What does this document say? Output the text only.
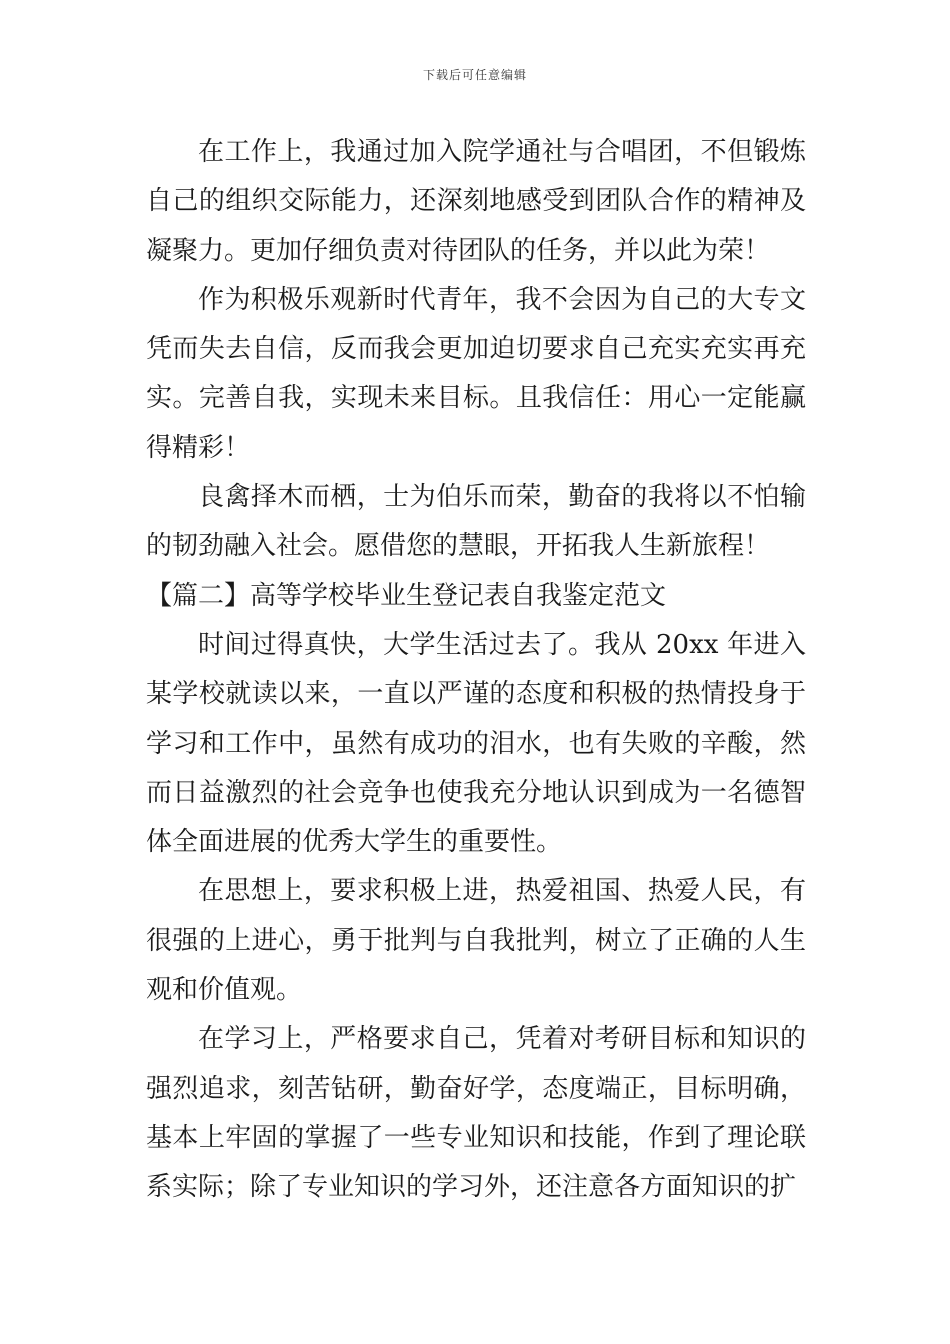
下载后可任意编辑

在工作上，我通过加入院学通社与合唱团，不但锻炼自己的组织交际能力，还深刻地感受到团队合作的精神及凝聚力。更加仔细负责对待团队的任务，并以此为荣！

作为积极乐观新时代青年，我不会因为自己的大专文凭而失去自信，反而我会更加迫切要求自己充实充实再充实。完善自我，实现未来目标。且我信任：用心一定能赢得精彩！

良禽择木而栖，士为伯乐而荣，勤奋的我将以不怕输的韧劲融入社会。愿借您的慧眼，开拓我人生新旅程！

【篇二】高等学校毕业生登记表自我鉴定范文

时间过得真快，大学生活过去了。我从 20xx 年进入某学校就读以来，一直以严谨的态度和积极的热情投身于学习和工作中，虽然有成功的泪水，也有失败的辛酸，然而日益激烈的社会竞争也使我充分地认识到成为一名德智体全面进展的优秀大学生的重要性。

在思想上，要求积极上进，热爱祖国、热爱人民，有很强的上进心，勇于批判与自我批判，树立了正确的人生观和价值观。

在学习上，严格要求自己，凭着对考研目标和知识的强烈追求，刻苦钻研，勤奋好学，态度端正，目标明确，基本上牢固的掌握了一些专业知识和技能，作到了理论联系实际；除了专业知识的学习外，还注意各方面知识的扩
